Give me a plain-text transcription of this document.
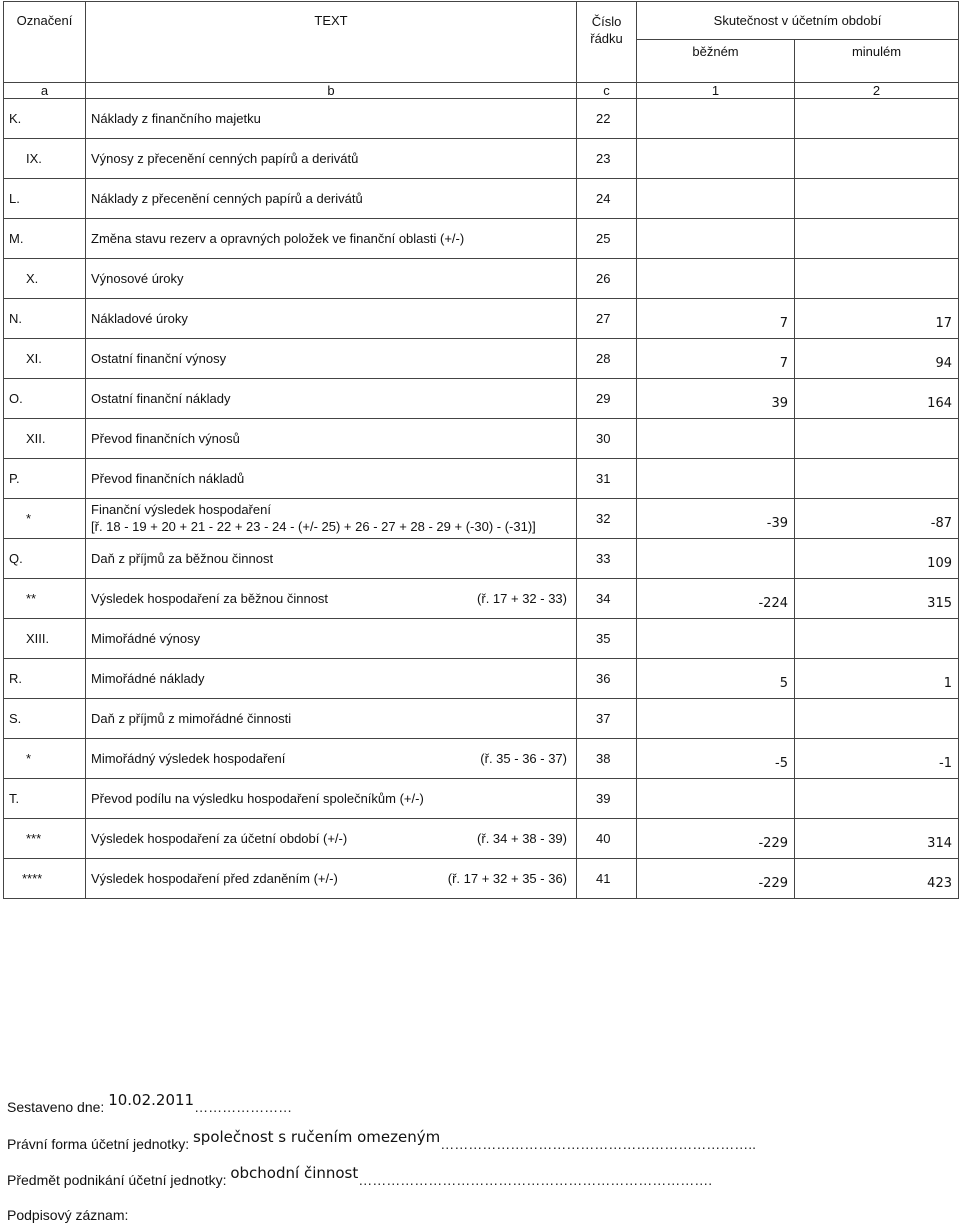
Označení	TEXT	Číslo řádku	Skutečnost v účetním období	
			běžném	minulém

a	b	c	1	2
K.	Náklady z finančního majetku	22		
IX.	Výnosy z přecenění cenných papírů a derivátů	23		
L.	Náklady z přecenění cenných papírů a derivátů	24		
M.	Změna stavu rezerv a opravných položek ve finanční oblasti (+/-)	25		
X.	Výnosové úroky	26		
N.	Nákladové úroky	27	7	17
XI.	Ostatní finanční výnosy	28	7	94
O.	Ostatní finanční náklady	29	39	164
XII.	Převod finančních výnosů	30		
P.	Převod finančních nákladů	31		
*	Finanční výsledek hospodaření
[ř. 18 - 19 + 20 + 21 - 22 + 23 - 24 - (+/- 25) + 26 - 27 + 28 - 29 + (-30) - (-31)]	32	-39	-87
Q.	Daň z příjmů za běžnou činnost	33		109
**	Výsledek hospodaření za běžnou činnost (ř. 17 + 32 - 33)	34	-224	315
XIII.	Mimořádné výnosy	35		
R.	Mimořádné náklady	36	5	1
S.	Daň z příjmů z mimořádné činnosti	37		
*	Mimořádný výsledek hospodaření (ř. 35 - 36 - 37)	38	-5	-1
T.	Převod podílu na výsledku hospodaření společníkům (+/-)	39		
***	Výsledek hospodaření za účetní období (+/-) (ř. 34 + 38 - 39)	40	-229	314
****	Výsledek hospodaření před zdaněním (+/-) (ř. 17 + 32 + 35 - 36)	41	-229	423
Sestaveno dne: 10.02.2011…………………
Právní forma účetní jednotky: společnost s ručením omezeným…………………………………………………………..
Předmět podnikání účetní jednotky: obchodní činnost………………………………………………………………….
Podpisový záznam:
